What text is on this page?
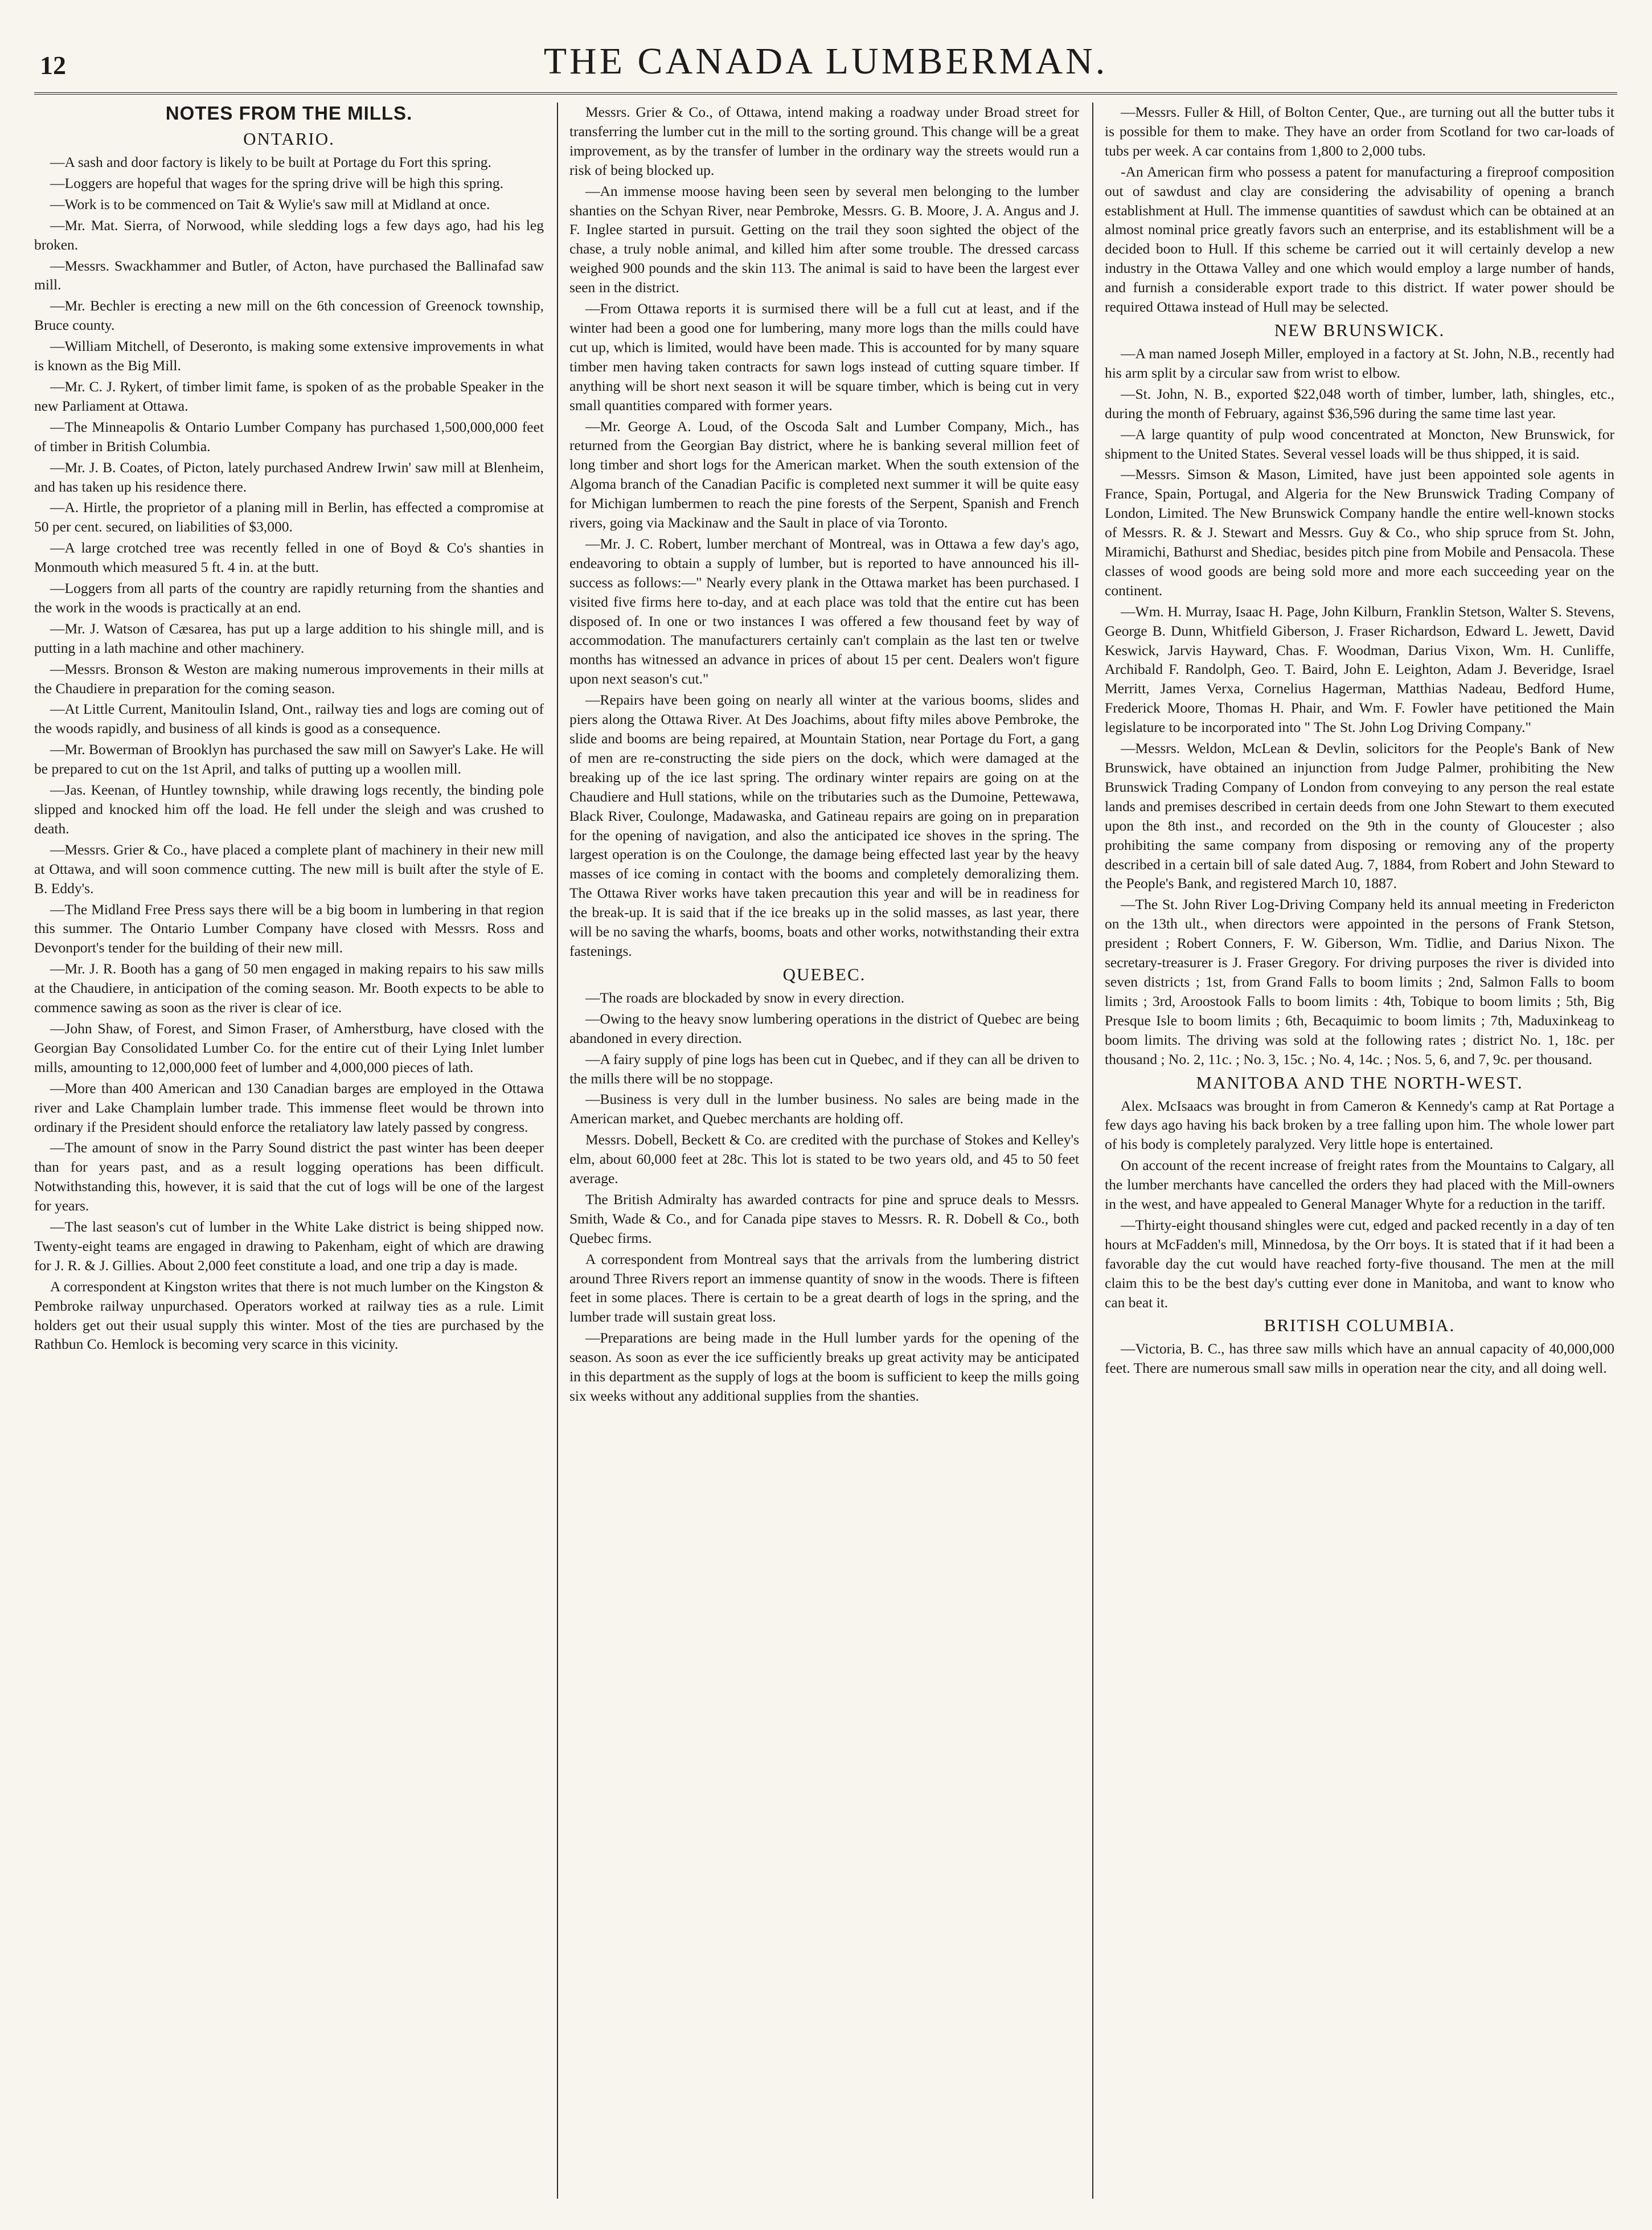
12	THE CANADA LUMBERMAN.
NOTES FROM THE MILLS.
ONTARIO.

—A sash and door factory is likely to be built at Portage du Fort this spring.

—Loggers are hopeful that wages for the spring drive will be high this spring.

—Work is to be commenced on Tait & Wylie's saw mill at Midland at once.

—Mr. Mat. Sierra, of Norwood, while sledding logs a few days ago, had his leg broken.

—Messrs. Swackhammer and Butler, of Acton, have purchased the Ballinafad saw mill.

—Mr. Bechler is erecting a new mill on the 6th concession of Greenock township, Bruce county.

—William Mitchell, of Deseronto, is making some extensive improvements in what is known as the Big Mill.

—Mr. C. J. Rykert, of timber limit fame, is spoken of as the probable Speaker in the new Parliament at Ottawa.

—The Minneapolis & Ontario Lumber Company has purchased 1,500,000,000 feet of timber in British Columbia.

—Mr. J. B. Coates, of Picton, lately purchased Andrew Irwin' saw mill at Blenheim, and has taken up his residence there.

—A. Hirtle, the proprietor of a planing mill in Berlin, has effected a compromise at 50 per cent. secured, on liabilities of $3,000.

—A large crotched tree was recently felled in one of Boyd & Co's shanties in Monmouth which measured 5 ft. 4 in. at the butt.

—Loggers from all parts of the country are rapidly returning from the shanties and the work in the woods is practically at an end.

—Mr. J. Watson of Cæsarea, has put up a large addition to his shingle mill, and is putting in a lath machine and other machinery.

—Messrs. Bronson & Weston are making numerous improvements in their mills at the Chaudiere in preparation for the coming season.

—At Little Current, Manitoulin Island, Ont., railway ties and logs are coming out of the woods rapidly, and business of all kinds is good as a consequence.

—Mr. Bowerman of Brooklyn has purchased the saw mill on Sawyer's Lake. He will be prepared to cut on the 1st April, and talks of putting up a woollen mill.

—Jas. Keenan, of Huntley township, while drawing logs recently, the binding pole slipped and knocked him off the load. He fell under the sleigh and was crushed to death.

—Messrs. Grier & Co., have placed a complete plant of machinery in their new mill at Ottawa, and will soon commence cutting. The new mill is built after the style of E. B. Eddy's.

—The Midland Free Press says there will be a big boom in lumbering in that region this summer. The Ontario Lumber Company have closed with Messrs. Ross and Devonport's tender for the building of their new mill.

—Mr. J. R. Booth has a gang of 50 men engaged in making repairs to his saw mills at the Chaudiere, in anticipation of the coming season. Mr. Booth expects to be able to commence sawing as soon as the river is clear of ice.

—John Shaw, of Forest, and Simon Fraser, of Amherstburg, have closed with the Georgian Bay Consolidated Lumber Co. for the entire cut of their Lying Inlet lumber mills, amounting to 12,000,000 feet of lumber and 4,000,000 pieces of lath.

—More than 400 American and 130 Canadian barges are employed in the Ottawa river and Lake Champlain lumber trade. This immense fleet would be thrown into ordinary if the President should enforce the retaliatory law lately passed by congress.

—The amount of snow in the Parry Sound district the past winter has been deeper than for years past, and as a result logging operations has been difficult. Notwithstanding this, however, it is said that the cut of logs will be one of the largest for years.

—The last season's cut of lumber in the White Lake district is being shipped now. Twenty-eight teams are engaged in drawing to Pakenham, eight of which are drawing for J. R. & J. Gillies. About 2,000 feet constitute a load, and one trip a day is made.

A correspondent at Kingston writes that there is not much lumber on the Kingston & Pembroke railway unpurchased. Operators worked at railway ties as a rule. Limit holders get out their usual supply this winter. Most of the ties are purchased by the Rathbun Co. Hemlock is becoming very scarce in this vicinity.

Messrs. Grier & Co., of Ottawa, intend making a roadway under Broad street for transferring the lumber cut in the mill to the sorting ground. This change will be a great improvement, as by the transfer of lumber in the ordinary way the streets would run a risk of being blocked up.

—An immense moose having been seen by several men belonging to the lumber shanties on the Schyan River, near Pembroke, Messrs. G. B. Moore, J. A. Angus and J. F. Inglee started in pursuit. Getting on the trail they soon sighted the object of the chase, a truly noble animal, and killed him after some trouble. The dressed carcass weighed 900 pounds and the skin 113. The animal is said to have been the largest ever seen in the district.

—From Ottawa reports it is surmised there will be a full cut at least, and if the winter had been a good one for lumbering, many more logs than the mills could have cut up, which is limited, would have been made. This is accounted for by many square timber men having taken contracts for sawn logs instead of cutting square timber. If anything will be short next season it will be square timber, which is being cut in very small quantities compared with former years.

—Mr. George A. Loud, of the Oscoda Salt and Lumber Company, Mich., has returned from the Georgian Bay district, where he is banking several million feet of long timber and short logs for the American market. When the south extension of the Algoma branch of the Canadian Pacific is completed next summer it will be quite easy for Michigan lumbermen to reach the pine forests of the Serpent, Spanish and French rivers, going via Mackinaw and the Sault in place of via Toronto.

—Mr. J. C. Robert, lumber merchant of Montreal, was in Ottawa a few day's ago, endeavoring to obtain a supply of lumber, but is reported to have announced his ill-success as follows:—" Nearly every plank in the Ottawa market has been purchased. I visited five firms here to-day, and at each place was told that the entire cut has been disposed of. In one or two instances I was offered a few thousand feet by way of accommodation. The manufacturers certainly can't complain as the last ten or twelve months has witnessed an advance in prices of about 15 per cent. Dealers won't figure upon next season's cut."

—Repairs have been going on nearly all winter at the various booms, slides and piers along the Ottawa River. At Des Joachims, about fifty miles above Pembroke, the slide and booms are being repaired, at Mountain Station, near Portage du Fort, a gang of men are re-constructing the side piers on the dock, which were damaged at the breaking up of the ice last spring. The ordinary winter repairs are going on at the Chaudiere and Hull stations, while on the tributaries such as the Dumoine, Pettewawa, Black River, Coulonge, Madawaska, and Gatineau repairs are going on in preparation for the opening of navigation, and also the anticipated ice shoves in the spring. The largest operation is on the Coulonge, the damage being effected last year by the heavy masses of ice coming in contact with the booms and completely demoralizing them. The Ottawa River works have taken precaution this year and will be in readiness for the break-up. It is said that if the ice breaks up in the solid masses, as last year, there will be no saving the wharfs, booms, boats and other works, notwithstanding their extra fastenings.

QUEBEC.

—The roads are blockaded by snow in every direction.

—Owing to the heavy snow lumbering operations in the district of Quebec are being abandoned in every direction.

—A fairy supply of pine logs has been cut in Quebec, and if they can all be driven to the mills there will be no stoppage.

—Business is very dull in the lumber business. No sales are being made in the American market, and Quebec merchants are holding off.

Messrs. Dobell, Beckett & Co. are credited with the purchase of Stokes and Kelley's elm, about 60,000 feet at 28c. This lot is stated to be two years old, and 45 to 50 feet average.

The British Admiralty has awarded contracts for pine and spruce deals to Messrs. Smith, Wade & Co., and for Canada pipe staves to Messrs. R. R. Dobell & Co., both Quebec firms.

A correspondent from Montreal says that the arrivals from the lumbering district around Three Rivers report an immense quantity of snow in the woods. There is fifteen feet in some places. There is certain to be a great dearth of logs in the spring, and the lumber trade will sustain great loss.

—Preparations are being made in the Hull lumber yards for the opening of the season. As soon as ever the ice sufficiently breaks up great activity may be anticipated in this department as the supply of logs at the boom is sufficient to keep the mills going six weeks without any additional supplies from the shanties.

—Messrs. Fuller & Hill, of Bolton Center, Que., are turning out all the butter tubs it is possible for them to make. They have an order from Scotland for two car-loads of tubs per week. A car contains from 1,800 to 2,000 tubs.

-An American firm who possess a patent for manufacturing a fireproof composition out of sawdust and clay are considering the advisability of opening a branch establishment at Hull. The immense quantities of sawdust which can be obtained at an almost nominal price greatly favors such an enterprise, and its establishment will be a decided boon to Hull. If this scheme be carried out it will certainly develop a new industry in the Ottawa Valley and one which would employ a large number of hands, and furnish a considerable export trade to this district. If water power should be required Ottawa instead of Hull may be selected.

NEW BRUNSWICK.

—A man named Joseph Miller, employed in a factory at St. John, N.B., recently had his arm split by a circular saw from wrist to elbow.

—St. John, N. B., exported $22,048 worth of timber, lumber, lath, shingles, etc., during the month of February, against $36,596 during the same time last year.

—A large quantity of pulp wood concentrated at Moncton, New Brunswick, for shipment to the United States. Several vessel loads will be thus shipped, it is said.

—Messrs. Simson & Mason, Limited, have just been appointed sole agents in France, Spain, Portugal, and Algeria for the New Brunswick Trading Company of London, Limited. The New Brunswick Company handle the entire well-known stocks of Messrs. R. & J. Stewart and Messrs. Guy & Co., who ship spruce from St. John, Miramichi, Bathurst and Shediac, besides pitch pine from Mobile and Pensacola. These classes of wood goods are being sold more and more each succeeding year on the continent.

—Wm. H. Murray, Isaac H. Page, John Kilburn, Franklin Stetson, Walter S. Stevens, George B. Dunn, Whitfield Giberson, J. Fraser Richardson, Edward L. Jewett, David Keswick, Jarvis Hayward, Chas. F. Woodman, Darius Vixon, Wm. H. Cunliffe, Archibald F. Randolph, Geo. T. Baird, John E. Leighton, Adam J. Beveridge, Israel Merritt, James Verxa, Cornelius Hagerman, Matthias Nadeau, Bedford Hume, Frederick Moore, Thomas H. Phair, and Wm. F. Fowler have petitioned the Main legislature to be incorporated into " The St. John Log Driving Company."

—Messrs. Weldon, McLean & Devlin, solicitors for the People's Bank of New Brunswick, have obtained an injunction from Judge Palmer, prohibiting the New Brunswick Trading Company of London from conveying to any person the real estate lands and premises described in certain deeds from one John Stewart to them executed upon the 8th inst., and recorded on the 9th in the county of Gloucester ; also prohibiting the same company from disposing or removing any of the property described in a certain bill of sale dated Aug. 7, 1884, from Robert and John Steward to the People's Bank, and registered March 10, 1887.

—The St. John River Log-Driving Company held its annual meeting in Fredericton on the 13th ult., when directors were appointed in the persons of Frank Stetson, president ; Robert Conners, F. W. Giberson, Wm. Tidlie, and Darius Nixon. The secretary-treasurer is J. Fraser Gregory. For driving purposes the river is divided into seven districts ; 1st, from Grand Falls to boom limits ; 2nd, Salmon Falls to boom limits ; 3rd, Aroostook Falls to boom limits : 4th, Tobique to boom limits ; 5th, Big Presque Isle to boom limits ; 6th, Becaquimic to boom limits ; 7th, Maduxinkeag to boom limits. The driving was sold at the following rates ; district No. 1, 18c. per thousand ; No. 2, 11c. ; No. 3, 15c. ; No. 4, 14c. ; Nos. 5, 6, and 7, 9c. per thousand.

MANITOBA AND THE NORTH-WEST.

Alex. McIsaacs was brought in from Cameron & Kennedy's camp at Rat Portage a few days ago having his back broken by a tree falling upon him. The whole lower part of his body is completely paralyzed. Very little hope is entertained.

On account of the recent increase of freight rates from the Mountains to Calgary, all the lumber merchants have cancelled the orders they had placed with the Mill-owners in the west, and have appealed to General Manager Whyte for a reduction in the tariff.

—Thirty-eight thousand shingles were cut, edged and packed recently in a day of ten hours at McFadden's mill, Minnedosa, by the Orr boys. It is stated that if it had been a favorable day the cut would have reached forty-five thousand. The men at the mill claim this to be the best day's cutting ever done in Manitoba, and want to know who can beat it.

BRITISH COLUMBIA.

—Victoria, B. C., has three saw mills which have an annual capacity of 40,000,000 feet. There are numerous small saw mills in operation near the city, and all doing well.
